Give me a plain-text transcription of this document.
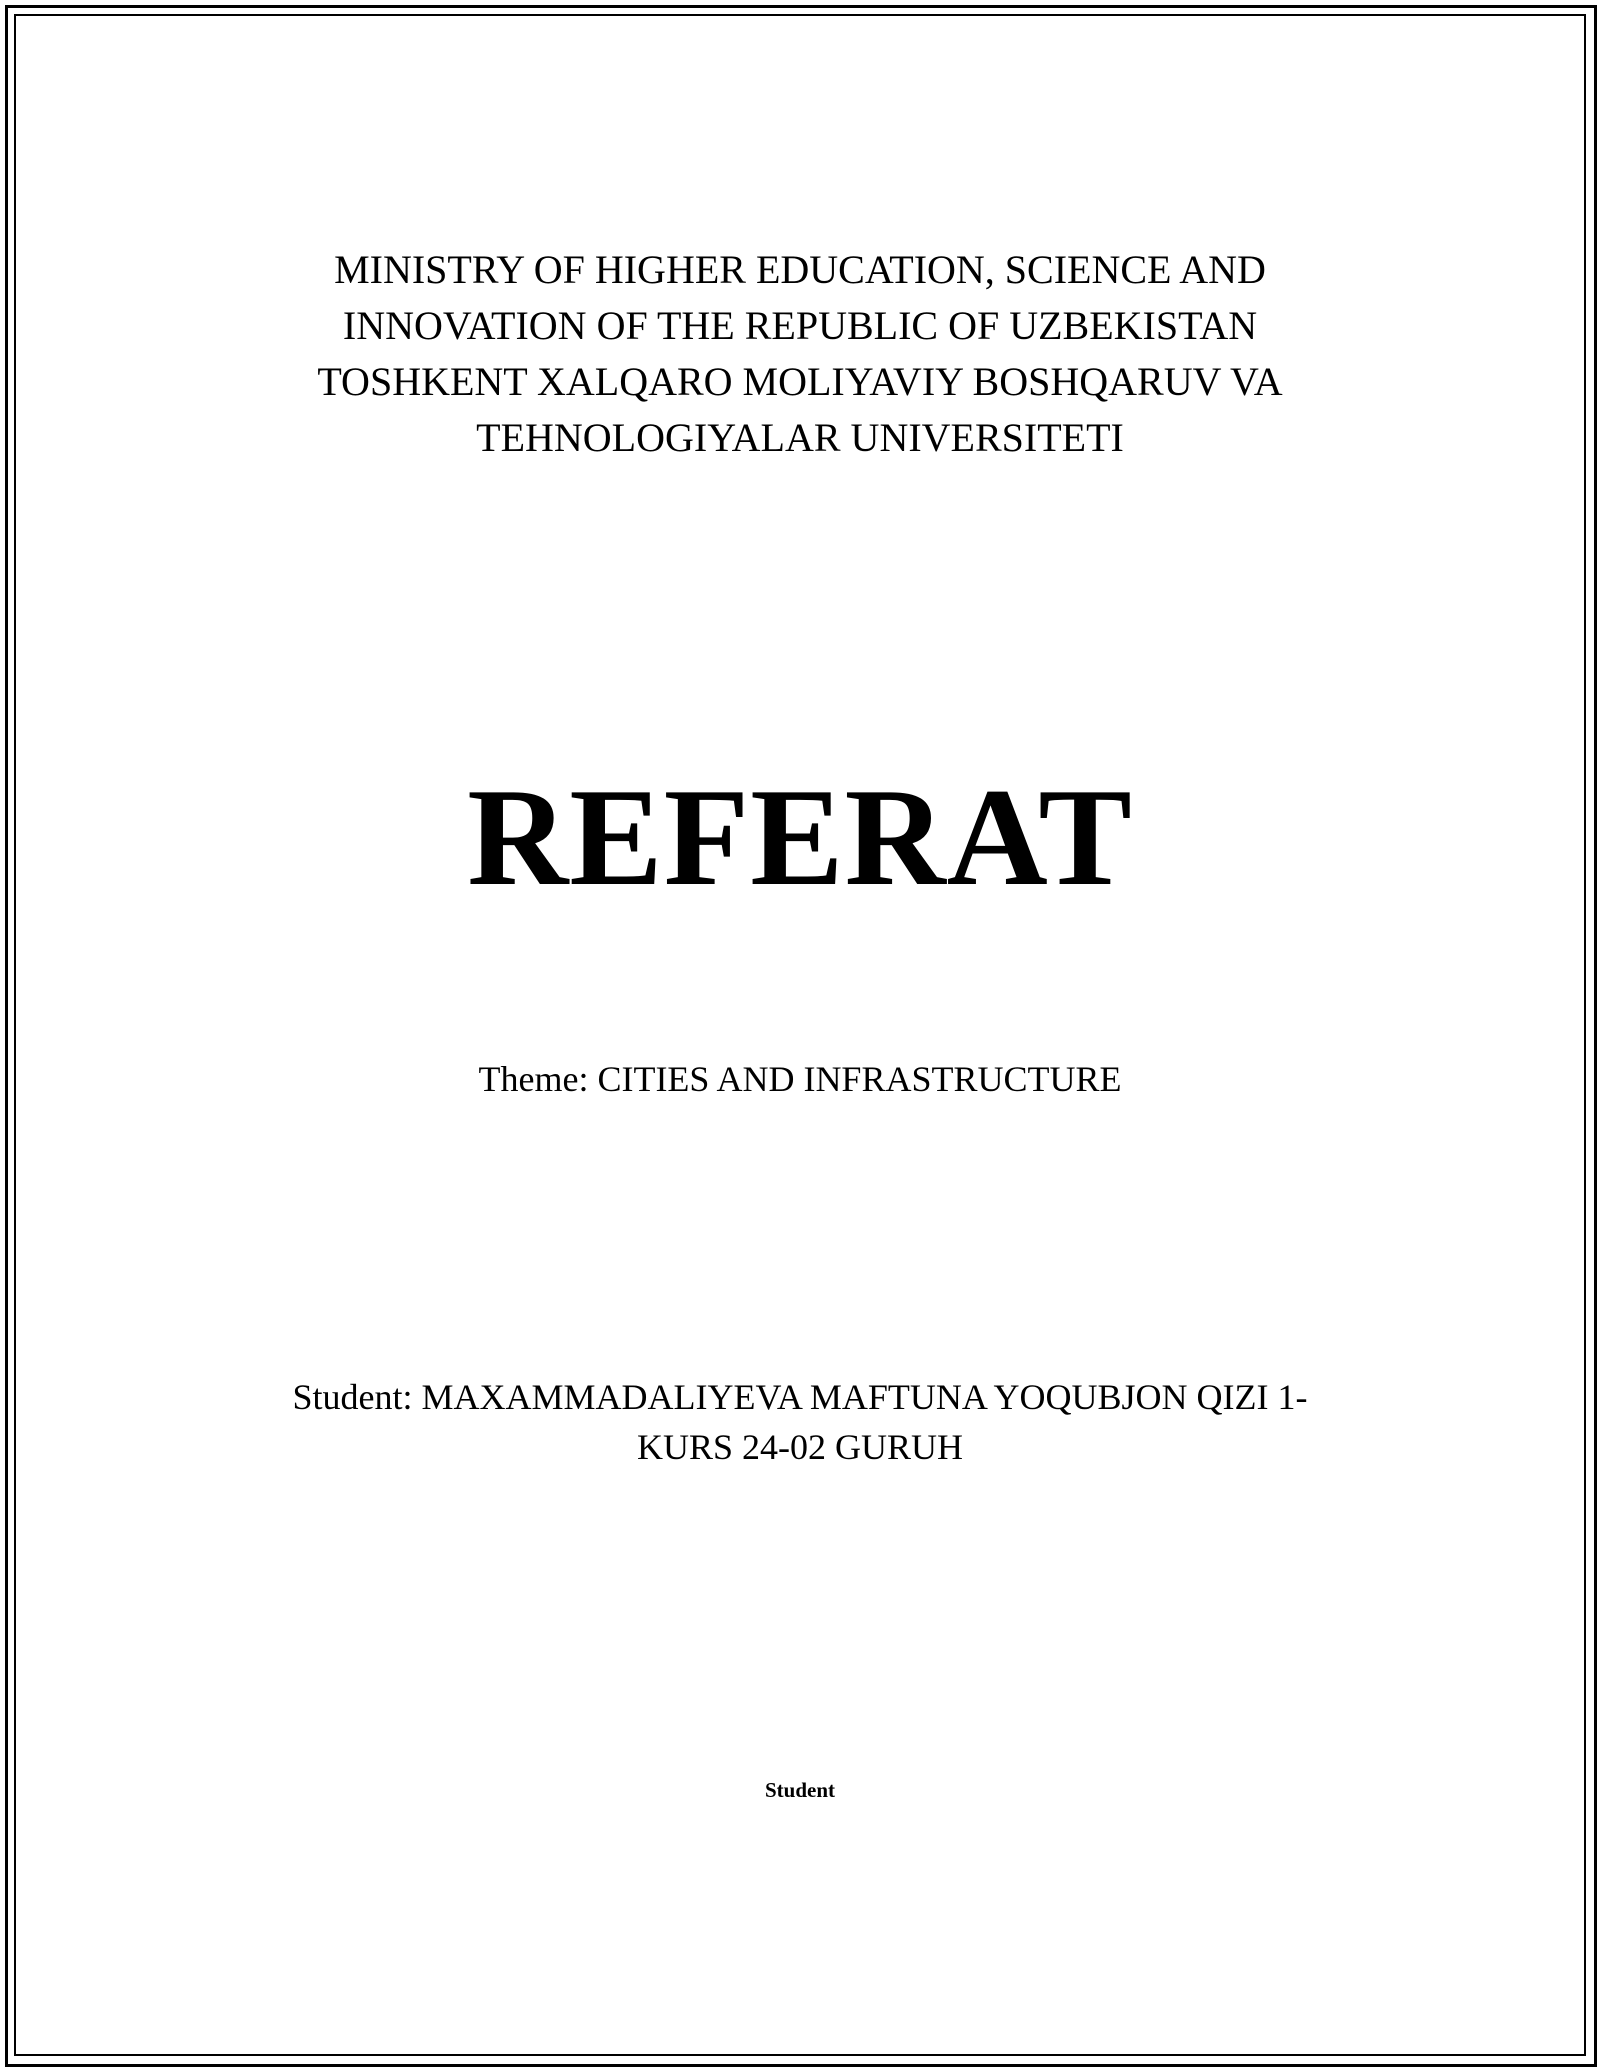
MINISTRY OF HIGHER EDUCATION, SCIENCE AND
INNOVATION OF THE REPUBLIC OF UZBEKISTAN
TOSHKENT XALQARO MOLIYAVIY BOSHQARUV VA
TEHNOLOGIYALAR UNIVERSITETI
REFERAT
Theme: CITIES AND INFRASTRUCTURE
Student: MAXAMMADALIYEVA MAFTUNA YOQUBJON QIZI 1-
KURS 24-02 GURUH
Student
